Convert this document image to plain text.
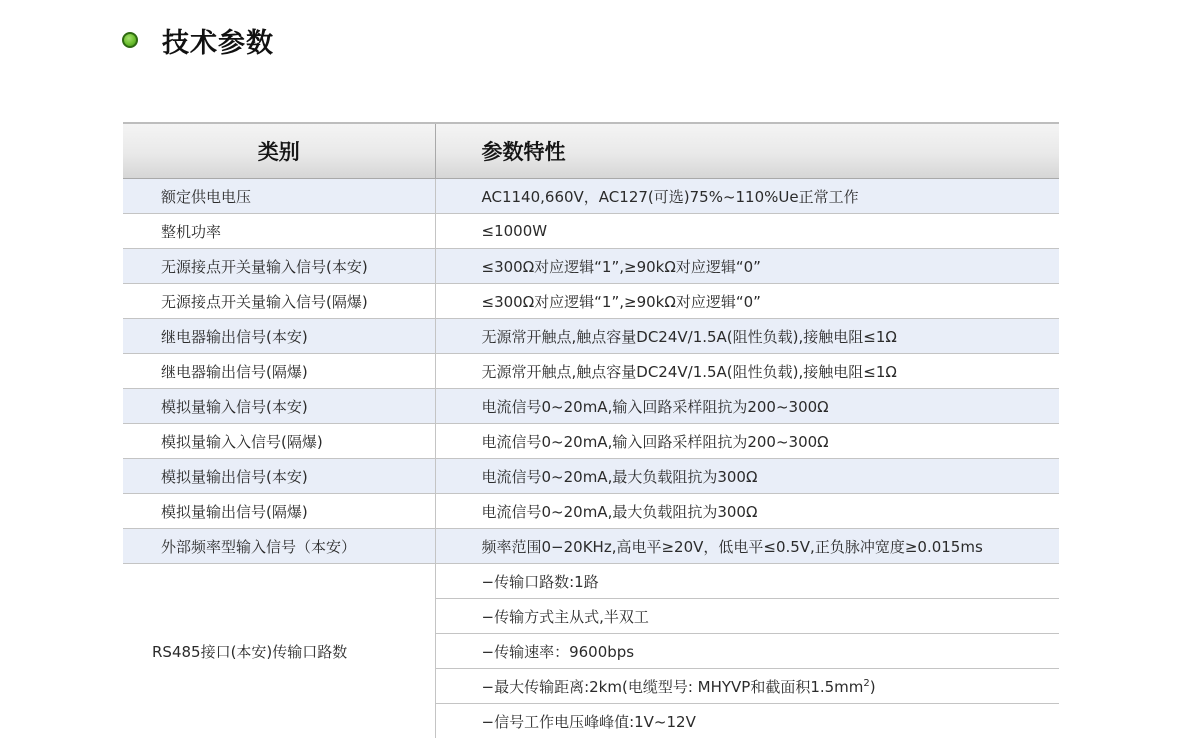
技术参数
类别	参数特性
额定供电电压	AC1140,660V，AC127(可选)75%~110%Ue正常工作
整机功率	≤1000W
无源接点开关量输入信号(本安)	≤300Ω对应逻辑“1”,≥90kΩ对应逻辑“0”
无源接点开关量输入信号(隔爆)	≤300Ω对应逻辑“1”,≥90kΩ对应逻辑“0”
继电器输出信号(本安)	无源常开触点,触点容量DC24V/1.5A(阻性负载),接触电阻≤1Ω
继电器输出信号(隔爆)	无源常开触点,触点容量DC24V/1.5A(阻性负载),接触电阻≤1Ω
模拟量输入信号(本安)	电流信号0~20mA,输入回路采样阻抗为200~300Ω
模拟量输入入信号(隔爆)	电流信号0~20mA,输入回路采样阻抗为200~300Ω
模拟量输出信号(本安)	电流信号0~20mA,最大负载阻抗为300Ω
模拟量输出信号(隔爆)	电流信号0~20mA,最大负载阻抗为300Ω
外部频率型输入信号（本安）	频率范围0−20KHz,高电平≥20V，低电平≤0.5V,正负脉冲宽度≥0.015ms
RS485接口(本安)传输口路数	−传输口路数:1路
	−传输方式主从式,半双工
	−传输速率：9600bps
	−最大传输距离:2km(电缆型号: MHYVP和截面积$1.5mm^2$)
	−信号工作电压峰峰值:1V~12V
